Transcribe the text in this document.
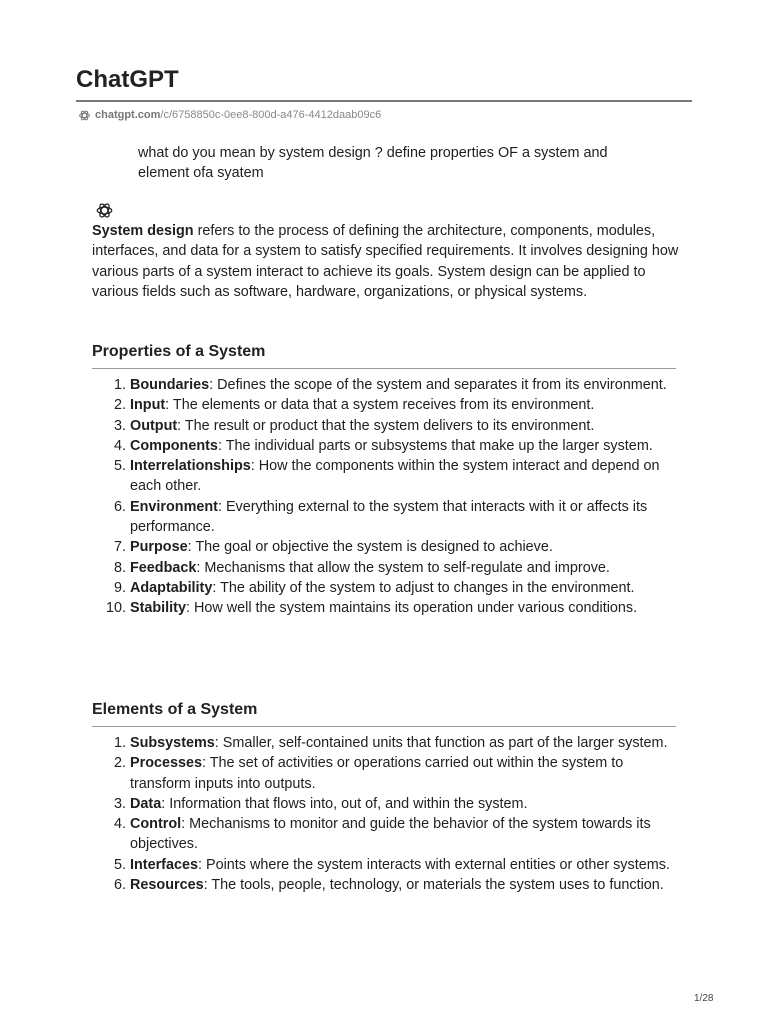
ChatGPT
chatgpt.com /c/6758850c-0ee8-800d-a476-4412daab09c6

what do you mean by system design ? define properties OF a system and element ofa syatem

System design refers to the process of defining the architecture, components, modules, interfaces, and data for a system to satisfy specified requirements. It involves designing how various parts of a system interact to achieve its goals. System design can be applied to various fields such as software, hardware, organizations, or physical systems.

Properties of a System
1. Boundaries: Defines the scope of the system and separates it from its environment.
2. Input: The elements or data that a system receives from its environment.
3. Output: The result or product that the system delivers to its environment.
4. Components: The individual parts or subsystems that make up the larger system.
5. Interrelationships: How the components within the system interact and depend on each other.
6. Environment: Everything external to the system that interacts with it or affects its performance.
7. Purpose: The goal or objective the system is designed to achieve.
8. Feedback: Mechanisms that allow the system to self-regulate and improve.
9. Adaptability: The ability of the system to adjust to changes in the environment.
10. Stability: How well the system maintains its operation under various conditions.
Elements of a System
1. Subsystems: Smaller, self-contained units that function as part of the larger system.
2. Processes: The set of activities or operations carried out within the system to transform inputs into outputs.
3. Data: Information that flows into, out of, and within the system.
4. Control: Mechanisms to monitor and guide the behavior of the system towards its objectives.
5. Interfaces: Points where the system interacts with external entities or other systems.
6. Resources: The tools, people, technology, or materials the system uses to function.
1/28
